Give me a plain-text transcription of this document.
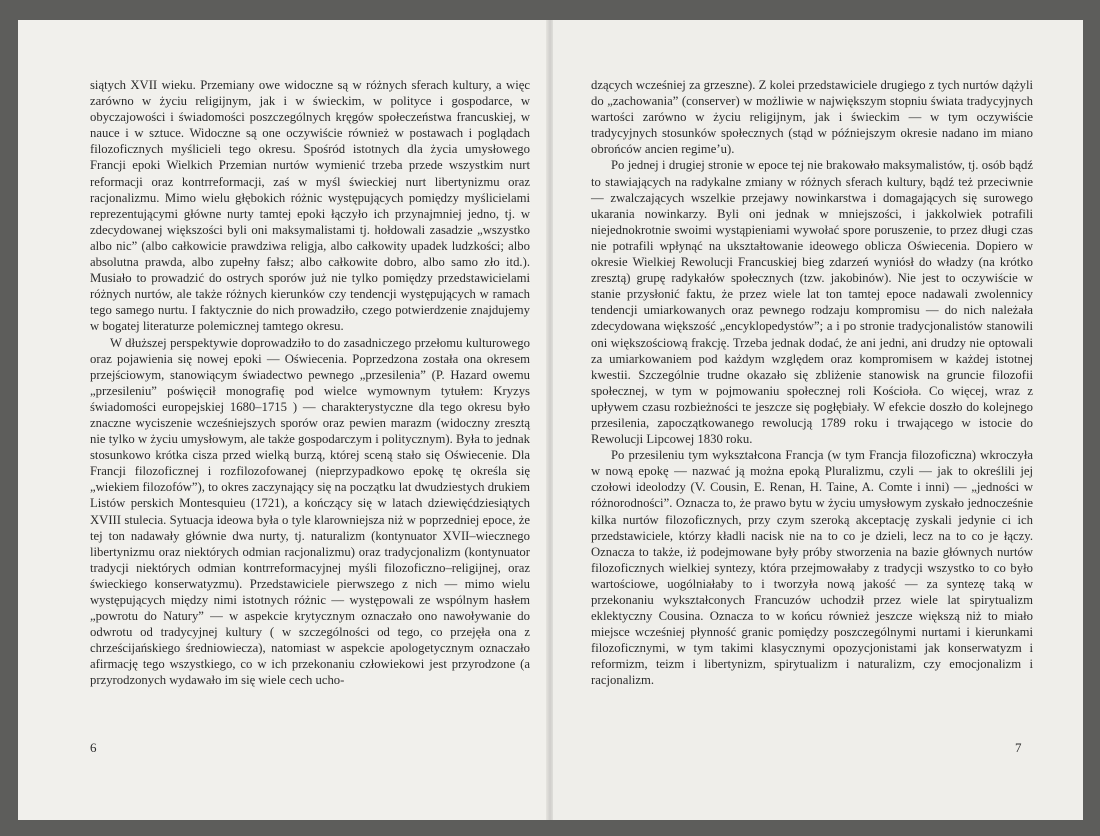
siątych XVII wieku. Przemiany owe widoczne są w różnych sferach kultury, a więc zarówno w życiu religijnym, jak i w świeckim, w polityce i gospodarce, w obyczajowości i świadomości poszczególnych kręgów społeczeństwa francuskiej, w nauce i w sztuce. Widoczne są one oczywiście również w postawach i poglądach filozoficznych myślicieli tego okresu. Spośród istotnych dla życia umysłowego Francji epoki Wielkich Przemian nurtów wymienić trzeba przede wszystkim nurt reformacji oraz kontrreformacji, zaś w myśl świeckiej nurt libertynizmu oraz racjonalizmu. Mimo wielu głębokich różnic występujących pomiędzy myślicielami reprezentującymi główne nurty tamtej epoki łączyło ich przynajmniej jedno, tj. w zdecydowanej większości byli oni maksymalistami tj. hołdowali zasadzie „wszystko albo nic” (albo całkowicie prawdziwa religja, albo całkowity upadek ludzkości; albo absolutna prawda, albo zupełny fałsz; albo całkowite dobro, albo samo zło itd.). Musiało to prowadzić do ostrych sporów już nie tylko pomiędzy przedstawicielami różnych nurtów, ale także różnych kierunków czy tendencji występujących w ramach tego samego nurtu. I faktycznie do nich prowadziło, czego potwierdzenie znajdujemy w bogatej literaturze polemicznej tamtego okresu.

W dłuższej perspektywie doprowadziło to do zasadniczego przełomu kulturowego oraz pojawienia się nowej epoki — Oświecenia. Poprzedzona została ona okresem przejściowym, stanowiącym świadectwo pewnego „przesilenia” (P. Hazard owemu „przesileniu” poświęcił monografię pod wielce wymownym tytułem: Kryzys świadomości europejskiej 1680–1715 ) — charakterystyczne dla tego okresu było znaczne wyciszenie wcześniejszych sporów oraz pewien marazm (widoczny zresztą nie tylko w życiu umysłowym, ale także gospodarczym i politycznym). Była to jednak stosunkowo krótka cisza przed wielką burzą, której sceną stało się Oświecenie. Dla Francji filozoficznej i rozfilozofowanej (nieprzypadkowo epokę tę określa się „wiekiem filozofów”), to okres zaczynający się na początku lat dwudziestych drukiem Listów perskich Montesquieu (1721), a kończący się w latach dziewięćdziesiątych XVIII stulecia. Sytuacja ideowa była o tyle klarowniejsza niż w poprzedniej epoce, że tej ton nadawały głównie dwa nurty, tj. naturalizm (kontynuator XVII–wiecznego libertynizmu oraz niektórych odmian racjonalizmu) oraz tradycjonalizm (kontynuator tradycji niektórych odmian kontrreformacyjnej myśli filozoficzno–religijnej, oraz świeckiego konserwatyzmu). Przedstawiciele pierwszego z nich — mimo wielu występujących między nimi istotnych różnic — występowali ze wspólnym hasłem „powrotu do Natury” — w aspekcie krytycznym oznaczało ono nawoływanie do odwrotu od tradycyjnej kultury ( w szczególności od tego, co przejęła ona z chrześcijańskiego średniowiecza), natomiast w aspekcie apologetycznym oznaczało afirmację tego wszystkiego, co w ich przekonaniu człowiekowi jest przyrodzone (a przyrodzonych wydawało im się wiele cech ucho-

6

dzących wcześniej za grzeszne). Z kolei przedstawiciele drugiego z tych nurtów dążyli do „zachowania” (conserver) w możliwie w największym stopniu świata tradycyjnych wartości zarówno w życiu religijnym, jak i świeckim — w tym oczywiście tradycyjnych stosunków społecznych (stąd w późniejszym okresie nadano im miano obrońców ancien regime’u).

Po jednej i drugiej stronie w epoce tej nie brakowało maksymalistów, tj. osób bądź to stawiających na radykalne zmiany w różnych sferach kultury, bądź też przeciwnie — zwalczających wszelkie przejawy nowinkarstwa i domagających się surowego ukarania nowinkarzy. Byli oni jednak w mniejszości, i jakkolwiek potrafili niejednokrotnie swoimi wystąpieniami wywołać spore poruszenie, to przez długi czas nie potrafili wpłynąć na ukształtowanie ideowego oblicza Oświecenia. Dopiero w okresie Wielkiej Rewolucji Francuskiej bieg zdarzeń wyniósł do władzy (na krótko zresztą) grupę radykałów społecznych (tzw. jakobinów). Nie jest to oczywiście w stanie przysłonić faktu, że przez wiele lat ton tamtej epoce nadawali zwolennicy tendencji umiarkowanych oraz pewnego rodzaju kompromisu — do nich należała zdecydowana większość „encyklopedystów”; a i po stronie tradycjonalistów stanowili oni większościową frakcję. Trzeba jednak dodać, że ani jedni, ani drudzy nie optowali za umiarkowaniem pod każdym względem oraz kompromisem w każdej istotnej kwestii. Szczególnie trudne okazało się zbliżenie stanowisk na gruncie filozofii społecznej, w tym w pojmowaniu społecznej roli Kościoła. Co więcej, wraz z upływem czasu rozbieżności te jeszcze się pogłębiały. W efekcie doszło do kolejnego przesilenia, zapoczątkowanego rewolucją 1789 roku i trwającego w istocie do Rewolucji Lipcowej 1830 roku.

Po przesileniu tym wykształcona Francja (w tym Francja filozoficzna) wkroczyła w nową epokę — nazwać ją można epoką Pluralizmu, czyli — jak to określili jej czołowi ideolodzy (V. Cousin, E. Renan, H. Taine, A. Comte i inni) — „jedności w różnorodności”. Oznacza to, że prawo bytu w życiu umysłowym zyskało jednocześnie kilka nurtów filozoficznych, przy czym szeroką akceptację zyskali jedynie ci ich przedstawiciele, którzy kładli nacisk nie na to co je dzieli, lecz na to co je łączy. Oznacza to także, iż podejmowane były próby stworzenia na bazie głównych nurtów filozoficznych wielkiej syntezy, która przejmowałaby z tradycji wszystko to co było wartościowe, uogólniałaby to i tworzyła nową jakość — za syntezę taką w przekonaniu wykształconych Francuzów uchodził przez wiele lat spirytualizm eklektyczny Cousina. Oznacza to w końcu również jeszcze większą niż to miało miejsce wcześniej płynność granic pomiędzy poszczególnymi nurtami i kierunkami filozoficznymi, w tym takimi klasycznymi opozycjonistami jak konserwatyzm i reformizm, teizm i libertynizm, spirytualizm i naturalizm, czy emocjonalizm i racjonalizm.

7
